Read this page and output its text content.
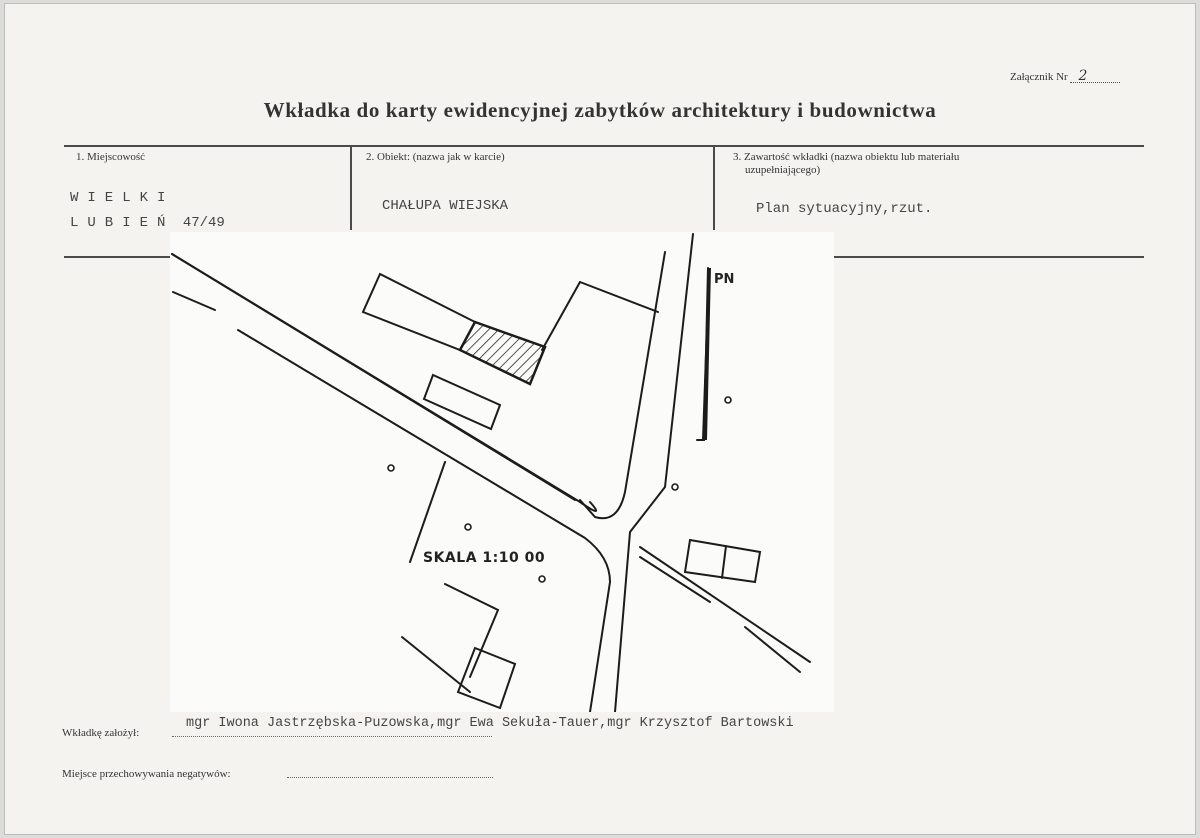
Załącznik Nr 2
Wkładka do karty ewidencyjnej zabytków architektury i budownictwa
1. Miejscowość
WIELKI
LUBIEŃ 47/49
2. Obiekt: (nazwa jak w karcie)
CHAŁUPA WIEJSKA
3. Zawartość wkładki (nazwa obiektu lub materiału
uzupełniającego)
Plan sytuacyjny,rzut.
PN
SKALA 1:10 00
Wkładkę założył:
mgr Iwona Jastrzębska-Puzowska,mgr Ewa Sekuła-Tauer,mgr Krzysztof Bartowski
Miejsce przechowywania negatywów:
